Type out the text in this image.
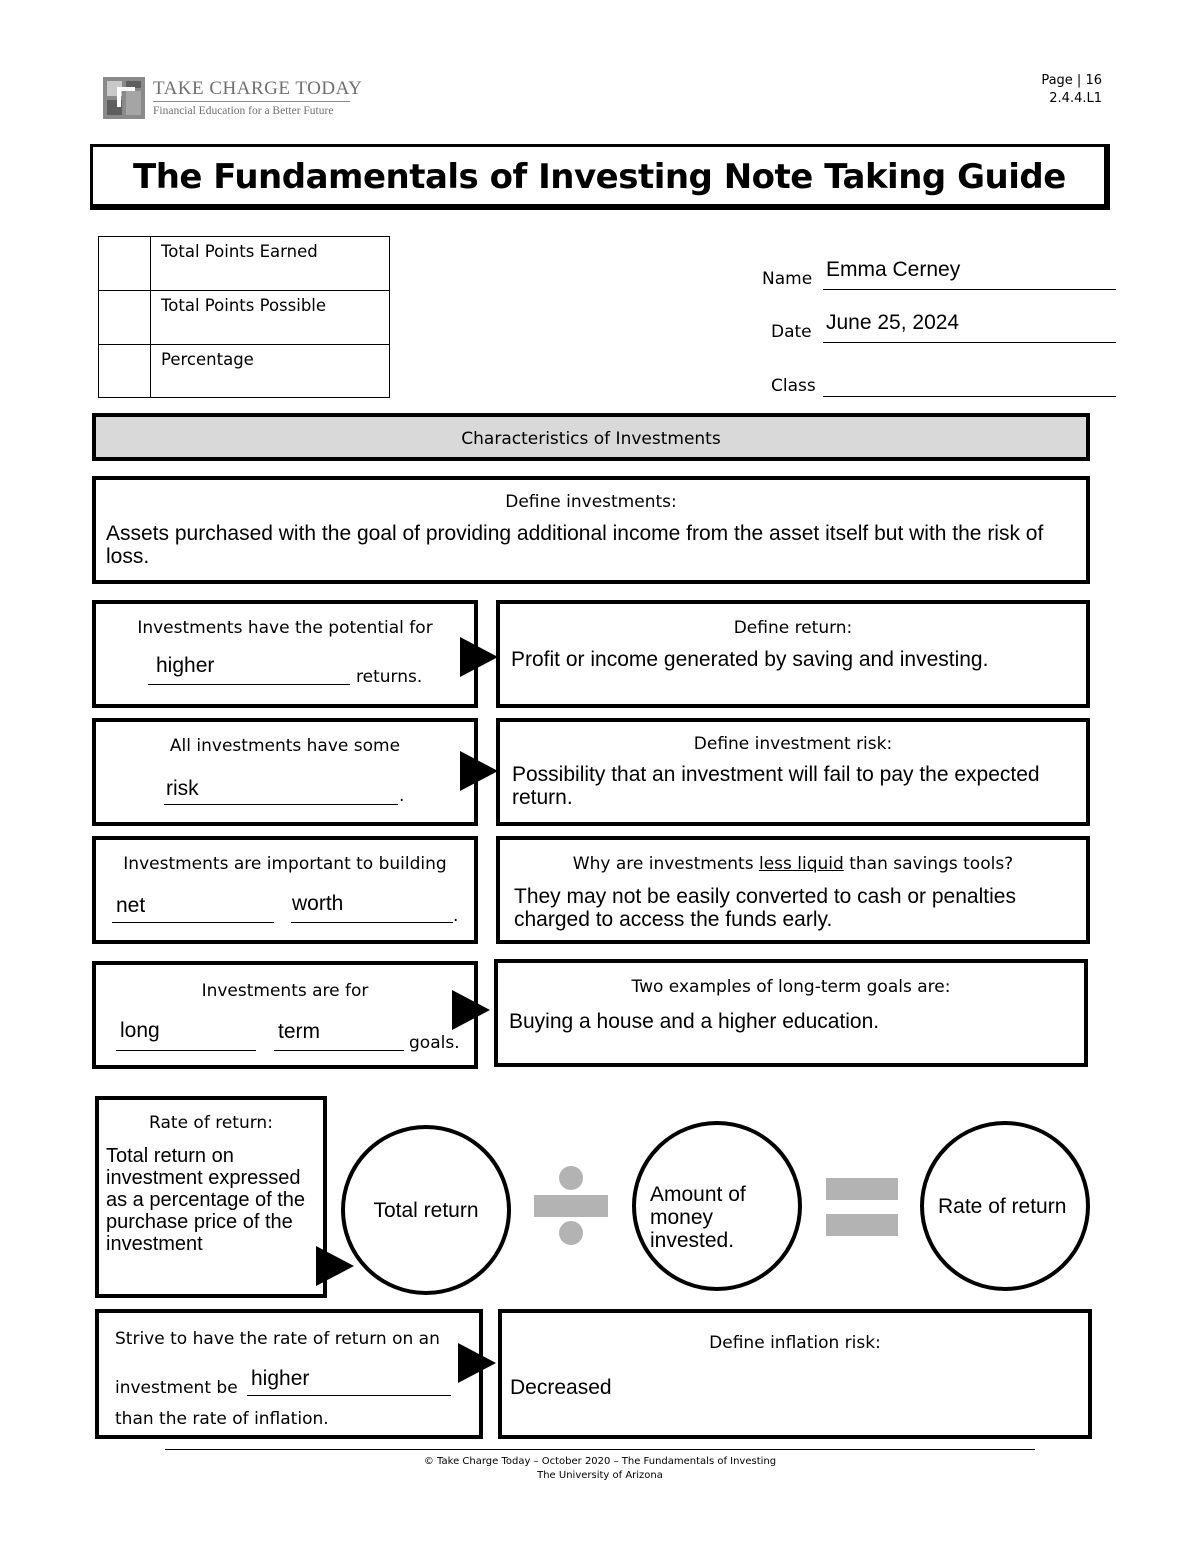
TAKE CHARGE TODAY
Financial Education for a Better Future
Page | 16
2.4.4.L1
The Fundamentals of Investing Note Taking Guide
Total Points Earned
Total Points Possible
Percentage
Name Emma Cerney
Date June 25, 2024
Class
Characteristics of Investments
Define investments:
Assets purchased with the goal of providing additional income from the asset itself but with the risk of loss.
Investments have the potential for
higher	returns.
Define return:
Profit or income generated by saving and investing.
All investments have some
risk	.
Define investment risk:
Possibility that an investment will fail to pay the expected return.
Investments are important to building
net	worth
.
Why are investments less liquid than savings tools?
They may not be easily converted to cash or penalties charged to access the funds early.
Investments are for
long	term	goals.
Two examples of long-term goals are:
Buying a house and a higher education.
Rate of return:
Total return on investment expressed as a percentage of the purchase price of the investment
Total return
Amount of money invested.
Rate of return
Strive to have the rate of return on an
investment be higher
than the rate of inflation.
Define inflation risk:
Decreased
© Take Charge Today – October 2020 – The Fundamentals of Investing
The University of Arizona
